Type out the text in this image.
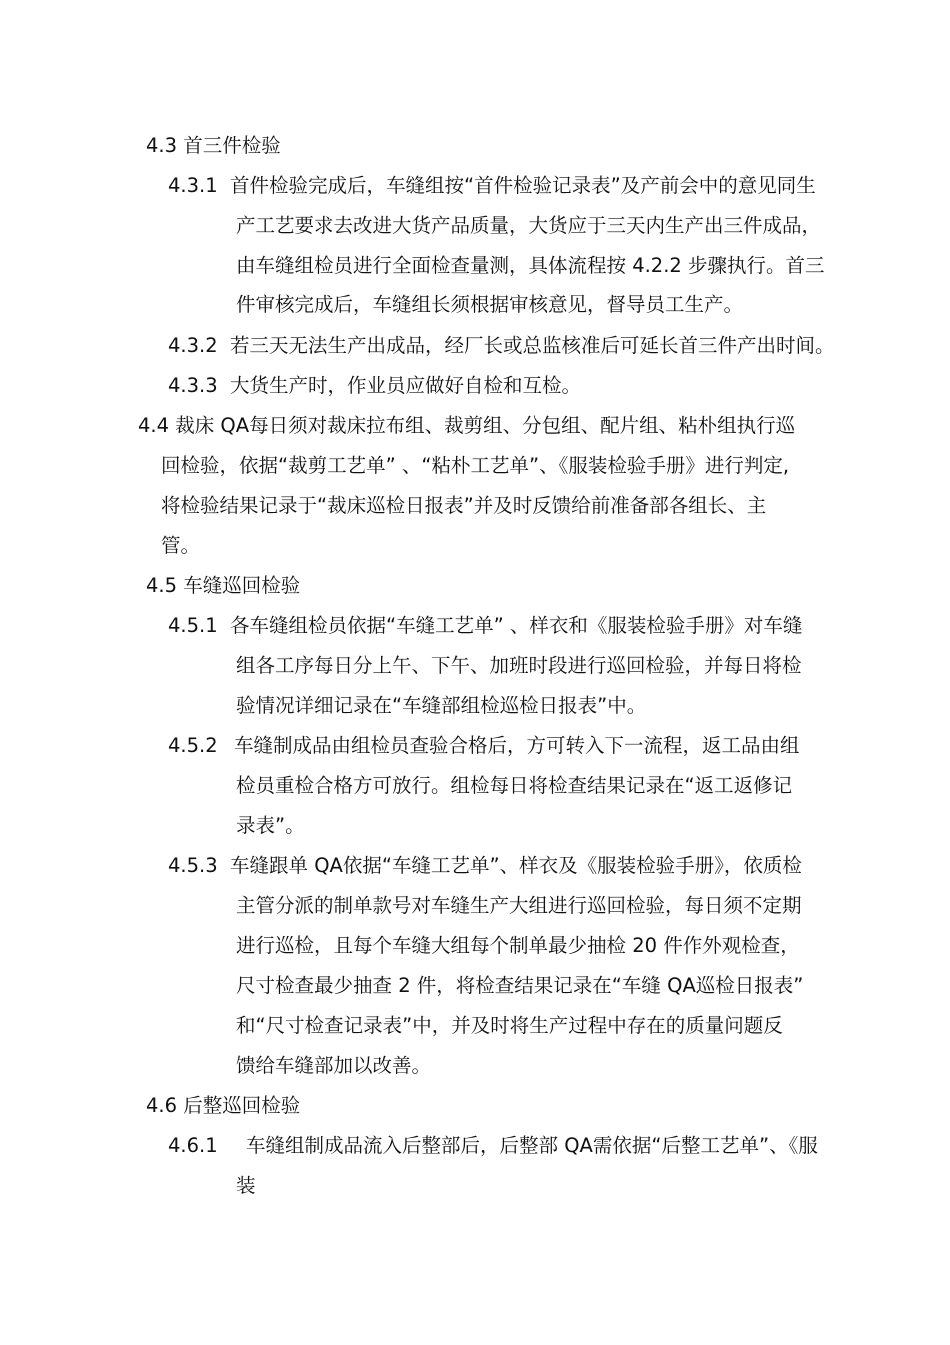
4.3 首三件检验
4.3.1 首件检验完成后，车缝组按“首件检验记录表”及产前会中的意见同生
产工艺要求去改进大货产品质量，大货应于三天内生产出三件成品，
由车缝组检员进行全面检查量测，具体流程按 4.2.2 步骤执行。首三
件审核完成后，车缝组长须根据审核意见，督导员工生产。
4.3.2 若三天无法生产出成品，经厂长或总监核准后可延长首三件产出时间。
4.3.3 大货生产时，作业员应做好自检和互检。
4.4 裁床 QA每日须对裁床拉布组、裁剪组、分包组、配片组、粘朴组执行巡
回检验，依据“裁剪工艺单” 、“粘朴工艺单”、《服装检验手册》进行判定,
将检验结果记录于“裁床巡检日报表”并及时反馈给前准备部各组长、主
管。
4.5 车缝巡回检验
4.5.1 各车缝组检员依据“车缝工艺单” 、样衣和《服装检验手册》对车缝
组各工序每日分上午、下午、加班时段进行巡回检验，并每日将检
验情况详细记录在“车缝部组检巡检日报表”中。
4.5.2 车缝制成品由组检员查验合格后，方可转入下一流程，返工品由组
检员重检合格方可放行。组检每日将检查结果记录在“返工返修记
录表”。
4.5.3 车缝跟单 QA依据“车缝工艺单”、样衣及《服装检验手册》，依质检
主管分派的制单款号对车缝生产大组进行巡回检验，每日须不定期
进行巡检，且每个车缝大组每个制单最少抽检 20 件作外观检查，
尺寸检查最少抽查 2 件，将检查结果记录在“车缝 QA巡检日报表”
和“尺寸检查记录表”中，并及时将生产过程中存在的质量问题反
馈给车缝部加以改善。
4.6 后整巡回检验
4.6.1 车缝组制成品流入后整部后，后整部 QA需依据“后整工艺单”、《服
装
